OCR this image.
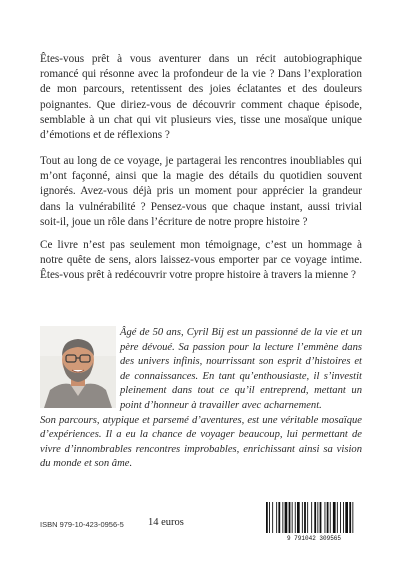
Êtes-vous prêt à vous aventurer dans un récit autobiographique romancé qui résonne avec la profondeur de la vie ? Dans l’exploration de mon parcours, retentissent des joies éclatantes et des douleurs poignantes. Que diriez-vous de découvrir comment chaque épisode, semblable à un chat qui vit plusieurs vies, tisse une mosaïque unique d’émotions et de réflexions ?

Tout au long de ce voyage, je partagerai les rencontres inoubliables qui m’ont façonné, ainsi que la magie des détails du quotidien souvent ignorés. Avez-vous déjà pris un moment pour apprécier la grandeur dans la vulnérabilité ? Pensez-vous que chaque instant, aussi trivial soit-il, joue un rôle dans l’écriture de notre propre histoire ?

Ce livre n’est pas seulement mon témoignage, c’est un hommage à notre quête de sens, alors laissez-vous emporter par ce voyage intime. Êtes-vous prêt à redécouvrir votre propre histoire à travers la mienne ?

Âgé de 50 ans, Cyril Bij est un passionné de la vie et un père dévoué. Sa passion pour la lecture l’emmène dans des univers infinis, nourrissant son esprit d’histoires et de connaissances. En tant qu’enthousiaste, il s’investit pleinement dans tout ce qu’il entreprend, mettant un point d’honneur à travailler avec acharnement.

Son parcours, atypique et parsemé d’aventures, est une véritable mosaïque d’expériences. Il a eu la chance de voyager beaucoup, lui permettant de vivre d’innombrables rencontres improbables, enrichissant ainsi sa vision du monde et son âme.

ISBN 979-10-423-0956-5 14 euros
9 791042 309565
